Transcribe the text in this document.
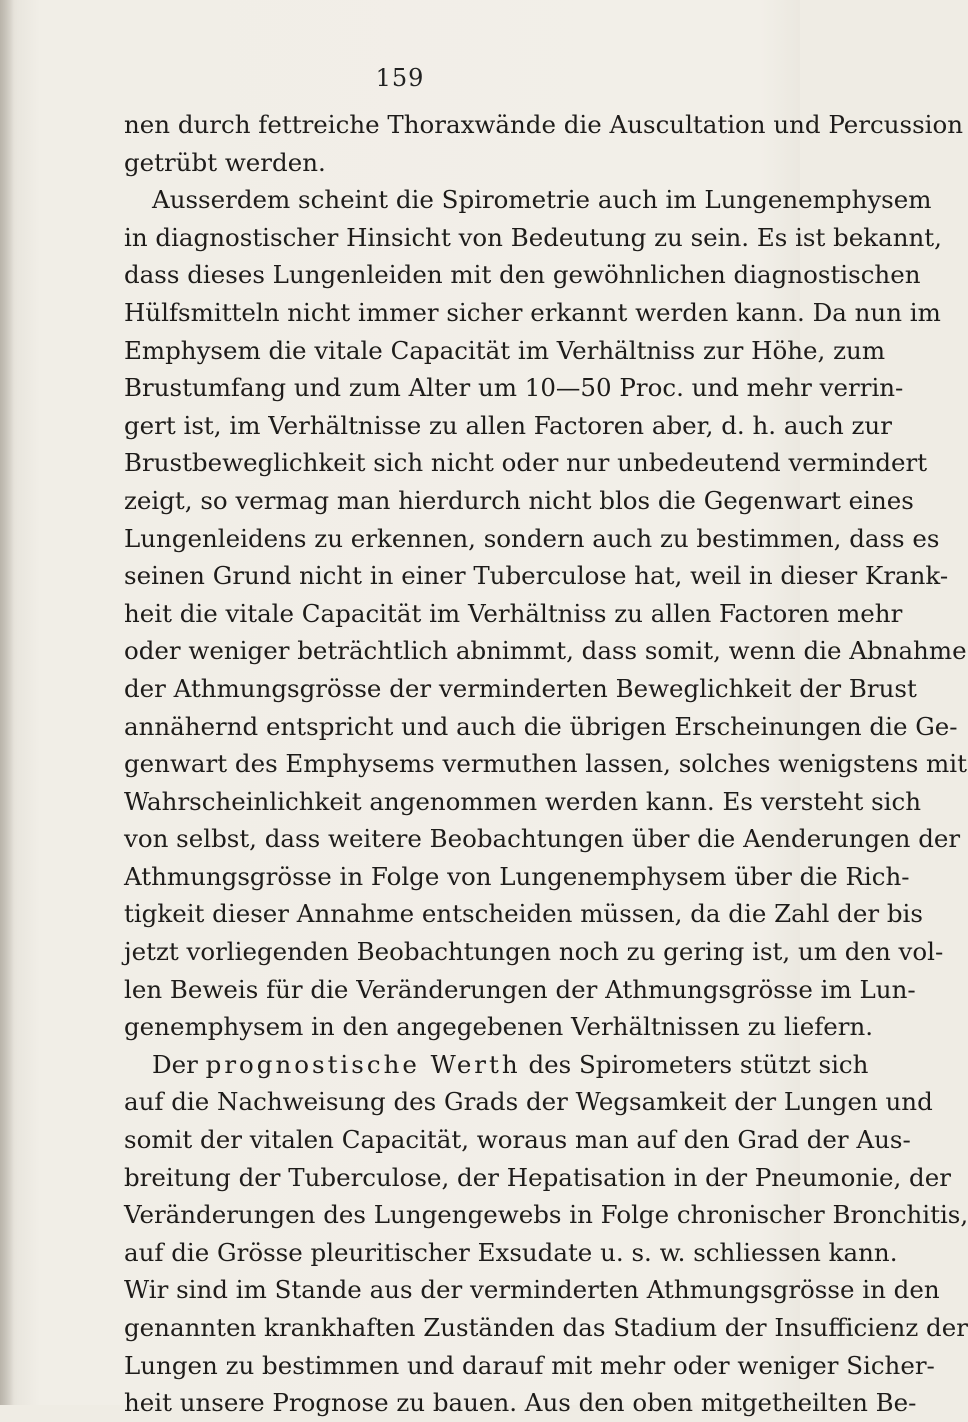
159
nen durch fettreiche Thoraxwände die Auscultation und Percussion
getrübt werden.
Ausserdem scheint die Spirometrie auch im Lungenemphysem
in diagnostischer Hinsicht von Bedeutung zu sein. Es ist bekannt,
dass dieses Lungenleiden mit den gewöhnlichen diagnostischen
Hülfsmitteln nicht immer sicher erkannt werden kann. Da nun im
Emphysem die vitale Capacität im Verhältniss zur Höhe, zum
Brustumfang und zum Alter um 10—50 Proc. und mehr verrin-
gert ist, im Verhältnisse zu allen Factoren aber, d. h. auch zur
Brustbeweglichkeit sich nicht oder nur unbedeutend vermindert
zeigt, so vermag man hierdurch nicht blos die Gegenwart eines
Lungenleidens zu erkennen, sondern auch zu bestimmen, dass es
seinen Grund nicht in einer Tuberculose hat, weil in dieser Krank-
heit die vitale Capacität im Verhältniss zu allen Factoren mehr
oder weniger beträchtlich abnimmt, dass somit, wenn die Abnahme
der Athmungsgrösse der verminderten Beweglichkeit der Brust
annähernd entspricht und auch die übrigen Erscheinungen die Ge-
genwart des Emphysems vermuthen lassen, solches wenigstens mit
Wahrscheinlichkeit angenommen werden kann. Es versteht sich
von selbst, dass weitere Beobachtungen über die Aenderungen der
Athmungsgrösse in Folge von Lungenemphysem über die Rich-
tigkeit dieser Annahme entscheiden müssen, da die Zahl der bis
jetzt vorliegenden Beobachtungen noch zu gering ist, um den vol-
len Beweis für die Veränderungen der Athmungsgrösse im Lun-
genemphysem in den angegebenen Verhältnissen zu liefern.
Der prognostische Werth des Spirometers stützt sich
auf die Nachweisung des Grads der Wegsamkeit der Lungen und
somit der vitalen Capacität, woraus man auf den Grad der Aus-
breitung der Tuberculose, der Hepatisation in der Pneumonie, der
Veränderungen des Lungengewebs in Folge chronischer Bronchitis,
auf die Grösse pleuritischer Exsudate u. s. w. schliessen kann.
Wir sind im Stande aus der verminderten Athmungsgrösse in den
genannten krankhaften Zuständen das Stadium der Insufficienz der
Lungen zu bestimmen und darauf mit mehr oder weniger Sicher-
heit unsere Prognose zu bauen. Aus den oben mitgetheilten Be-
